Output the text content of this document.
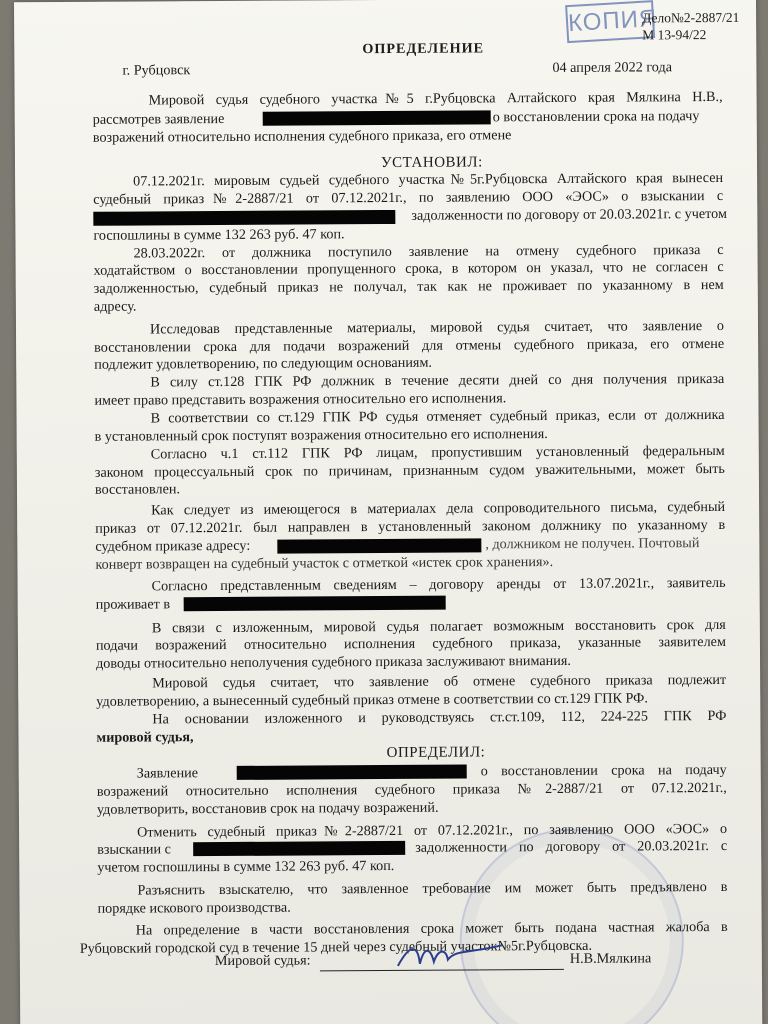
КОПИЯ
Дело№2-2887/21
М 13-94/22
ОПРЕДЕЛЕНИЕ
г. Рубцовск	04 апреля 2022 года
Мировой судья судебного участка№5 г.Рубцовска Алтайского края Мялкина Н.В.,
рассмотрев заявление	о восстановлении срока на подачу
возражений относительно исполнения судебного приказа, его отмене
УСТАНОВИЛ:
07.12.2021г. мировым судьей судебного участка№5г.Рубцовска Алтайского края вынесен
судебный приказ№2-2887/21 от 07.12.2021г., по заявлению ООО «ЭОС» о взыскании с
задолженности по договору от 20.03.2021г. с учетом
госпошлины в сумме 132 263 руб. 47 коп.
28.03.2022г. от должника поступило заявление на отмену судебного приказа с
ходатайством о восстановлении пропущенного срока, в котором он указал, что не согласен с
задолженностью, судебный приказ не получал, так как не проживает по указанному в нем
адресу.
Исследовав представленные материалы, мировой судья считает, что заявление о
восстановлении срока для подачи возражений для отмены судебного приказа, его отмене
подлежит удовлетворению, по следующим основаниям.
В силу ст.128 ГПК РФ должник в течение десяти дней со дня получения приказа
имеет право представить возражения относительно его исполнения.
В соответствии со ст.129 ГПК РФ судья отменяет судебный приказ, если от должника
в установленный срок поступят возражения относительно его исполнения.
Согласно ч.1 ст.112 ГПК РФ лицам, пропустившим установленный федеральным
законом процессуальный срок по причинам, признанным судом уважительными, может быть
восстановлен.
Как следует из имеющегося в материалах дела сопроводительного письма, судебный
приказ от 07.12.2021г. был направлен в установленный законом должнику по указанному в
судебном приказе адресу:	, должником не получен. Почтовый
конверт возвращен на судебный участок с отметкой «истек срок хранения».
Согласно представленным сведениям – договору аренды от 13.07.2021г., заявитель
проживает в
В связи с изложенным, мировой судья полагает возможным восстановить срок для
подачи возражений относительно исполнения судебного приказа, указанные заявителем
доводы относительно неполучения судебного приказа заслуживают внимания.
Мировой судья считает, что заявление об отмене судебного приказа подлежит
удовлетворению, а вынесенный судебный приказ отмене в соответствии со ст.129 ГПК РФ.
На основании изложенного и руководствуясь ст.ст.109, 112, 224-225 ГПК РФ
мировой судья,
ОПРЕДЕЛИЛ:
Заявление	о восстановлении срока на подачу
возражений относительно исполнения судебного приказа №2-2887/21 от 07.12.2021г.,
удовлетворить, восстановив срок на подачу возражений.
Отменить судебный приказ№2-2887/21 от 07.12.2021г., по заявлению ООО «ЭОС» о
взыскании с	задолженности по договору от 20.03.2021г. с
учетом госпошлины в сумме 132 263 руб. 47 коп.
Разъяснить взыскателю, что заявленное требование им может быть предъявлено в
порядке искового производства.
На определение в части восстановления срока может быть подана частная жалоба в
Рубцовский городской суд в течение 15 дней через судебный участок№5г.Рубцовска.
Мировой судья:	Н.В.Мялкина
